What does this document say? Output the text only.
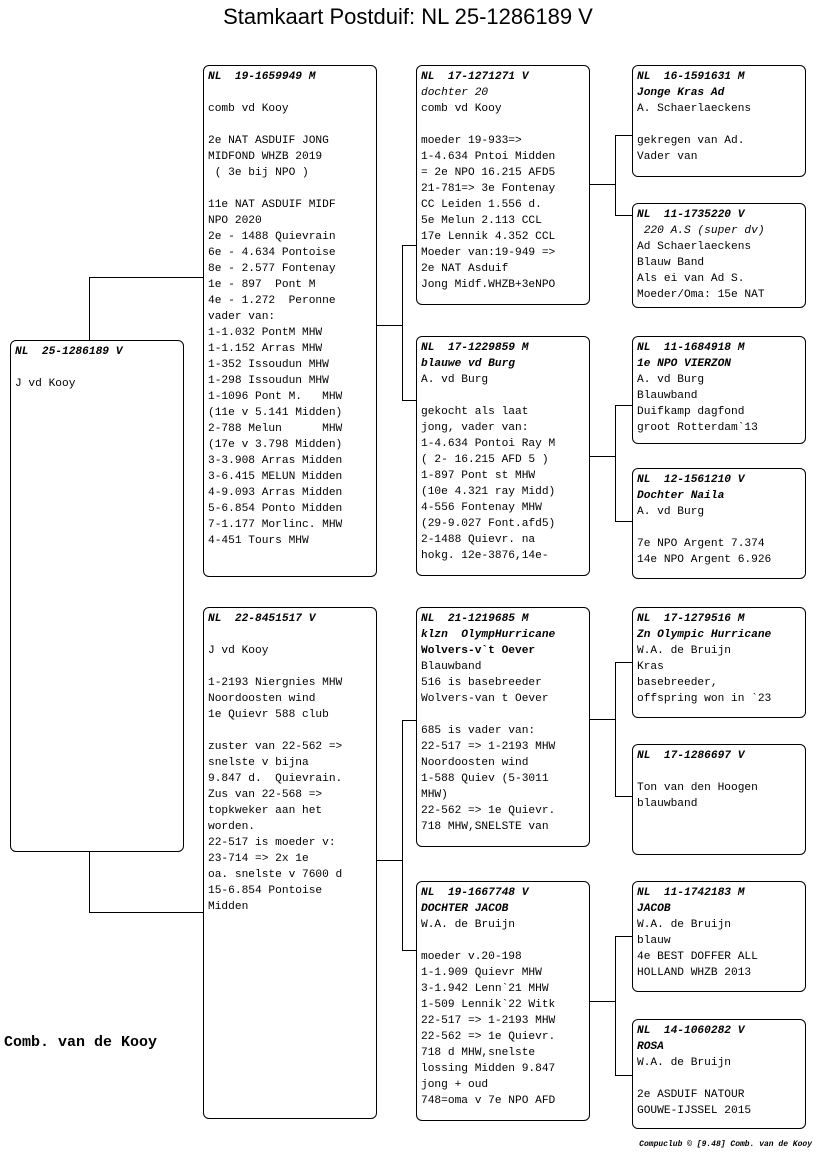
Stamkaart Postduif: NL 25-1286189 V
NL  25-1286189 V
J vd Kooy
NL  19-1659949 M
comb vd Kooy
2e NAT ASDUIF JONG
MIDFOND WHZB 2019
( 3e bij NPO )
11e NAT ASDUIF MIDF
NPO 2020
2e - 1488 Quievrain
6e - 4.634 Pontoise
8e - 2.577 Fontenay
1e - 897  Pont M
4e - 1.272  Peronne
vader van:
1-1.032 PontM MHW
1-1.152 Arras MHW
1-352 Issoudun MHW
1-298 Issoudun MHW
1-1096 Pont M.   MHW
(11e v 5.141 Midden)
2-788 Melun      MHW
(17e v 3.798 Midden)
3-3.908 Arras Midden
3-6.415 MELUN Midden
4-9.093 Arras Midden
5-6.854 Ponto Midden
7-1.177 Morlinc. MHW
4-451 Tours MHW
NL  22-8451517 V
J vd Kooy
1-2193 Niergnies MHW
Noordoosten wind
1e Quievr 588 club
zuster van 22-562 =>
snelste v bijna
9.847 d.  Quievrain.
Zus van 22-568 =>
topkweker aan het
worden.
22-517 is moeder v:
23-714 => 2x 1e
oa. snelste v 7600 d
15-6.854 Pontoise
Midden
NL  17-1271271 V
dochter 20
comb vd Kooy
moeder 19-933=>
1-4.634 Pntoi Midden
= 2e NPO 16.215 AFD5
21-781=> 3e Fontenay
CC Leiden 1.556 d.
5e Melun 2.113 CCL
17e Lennik 4.352 CCL
Moeder van:19-949 =>
2e NAT Asduif
Jong Midf.WHZB+3eNPO
NL  17-1229859 M
blauwe vd Burg
A. vd Burg
gekocht als laat
jong, vader van:
1-4.634 Pontoi Ray M
( 2- 16.215 AFD 5 )
1-897 Pont st MHW
(10e 4.321 ray Midd)
4-556 Fontenay MHW
(29-9.027 Font.afd5)
2-1488 Quievr. na
hokg. 12e-3876,14e-
NL  21-1219685 M
klzn  OlympHurricane
Wolvers-v`t Oever
Blauwband
516 is basebreeder
Wolvers-van t Oever
685 is vader van:
22-517 => 1-2193 MHW
Noordoosten wind
1-588 Quiev (5-3011
MHW)
22-562 => 1e Quievr.
718 MHW,SNELSTE van
NL  19-1667748 V
DOCHTER JACOB
W.A. de Bruijn
moeder v.20-198
1-1.909 Quievr MHW
3-1.942 Lenn`21 MHW
1-509 Lennik`22 Witk
22-517 => 1-2193 MHW
22-562 => 1e Quievr.
718 d MHW,snelste
lossing Midden 9.847
jong + oud
748=oma v 7e NPO AFD
NL  16-1591631 M
Jonge Kras Ad
A. Schaerlaeckens
gekregen van Ad.
Vader van
NL  11-1735220 V
220 A.S (super dv)
Ad Schaerlaeckens
Blauw Band
Als ei van Ad S.
Moeder/Oma: 15e NAT
NL  11-1684918 M
1e NPO VIERZON
A. vd Burg
Blauwband
Duifkamp dagfond
groot Rotterdam`13
NL  12-1561210 V
Dochter Naila
A. vd Burg
7e NPO Argent 7.374
14e NPO Argent 6.926
NL  17-1279516 M
Zn Olympic Hurricane
W.A. de Bruijn
Kras
basebreeder,
offspring won in `23
NL  17-1286697 V
Ton van den Hoogen
blauwband
NL  11-1742183 M
JACOB
W.A. de Bruijn
blauw
4e BEST DOFFER ALL
HOLLAND WHZB 2013
NL  14-1060282 V
ROSA
W.A. de Bruijn
2e ASDUIF NATOUR
GOUWE-IJSSEL 2015
Comb. van de Kooy
Compuclub © [9.48] Comb. van de Kooy
